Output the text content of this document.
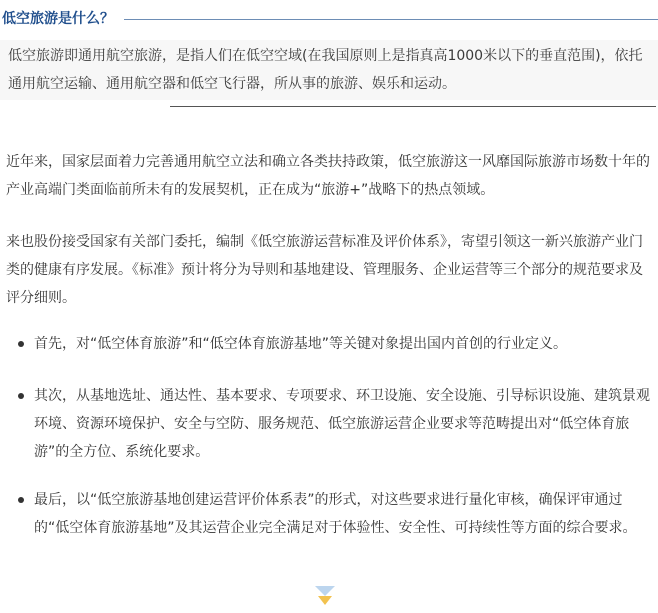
低空旅游是什么？
低空旅游即通用航空旅游，是指人们在低空空域(在我国原则上是指真高1000米以下的垂直范围)，依托通用航空运输、通用航空器和低空飞行器，所从事的旅游、娱乐和运动。
近年来，国家层面着力完善通用航空立法和确立各类扶持政策，低空旅游这一风靡国际旅游市场数十年的产业高端门类面临前所未有的发展契机，正在成为“旅游+”战略下的热点领域。
来也股份接受国家有关部门委托，编制《低空旅游运营标准及评价体系》，寄望引领这一新兴旅游产业门类的健康有序发展。《标准》预计将分为导则和基地建设、管理服务、企业运营等三个部分的规范要求及评分细则。
首先，对“低空体育旅游”和“低空体育旅游基地”等关键对象提出国内首创的行业定义。
其次，从基地选址、通达性、基本要求、专项要求、环卫设施、安全设施、引导标识设施、建筑景观环境、资源环境保护、安全与空防、服务规范、低空旅游运营企业要求等范畴提出对“低空体育旅游”的全方位、系统化要求。
最后，以“低空旅游基地创建运营评价体系表”的形式，对这些要求进行量化审核，确保评审通过的“低空体育旅游基地”及其运营企业完全满足对于体验性、安全性、可持续性等方面的综合要求。
